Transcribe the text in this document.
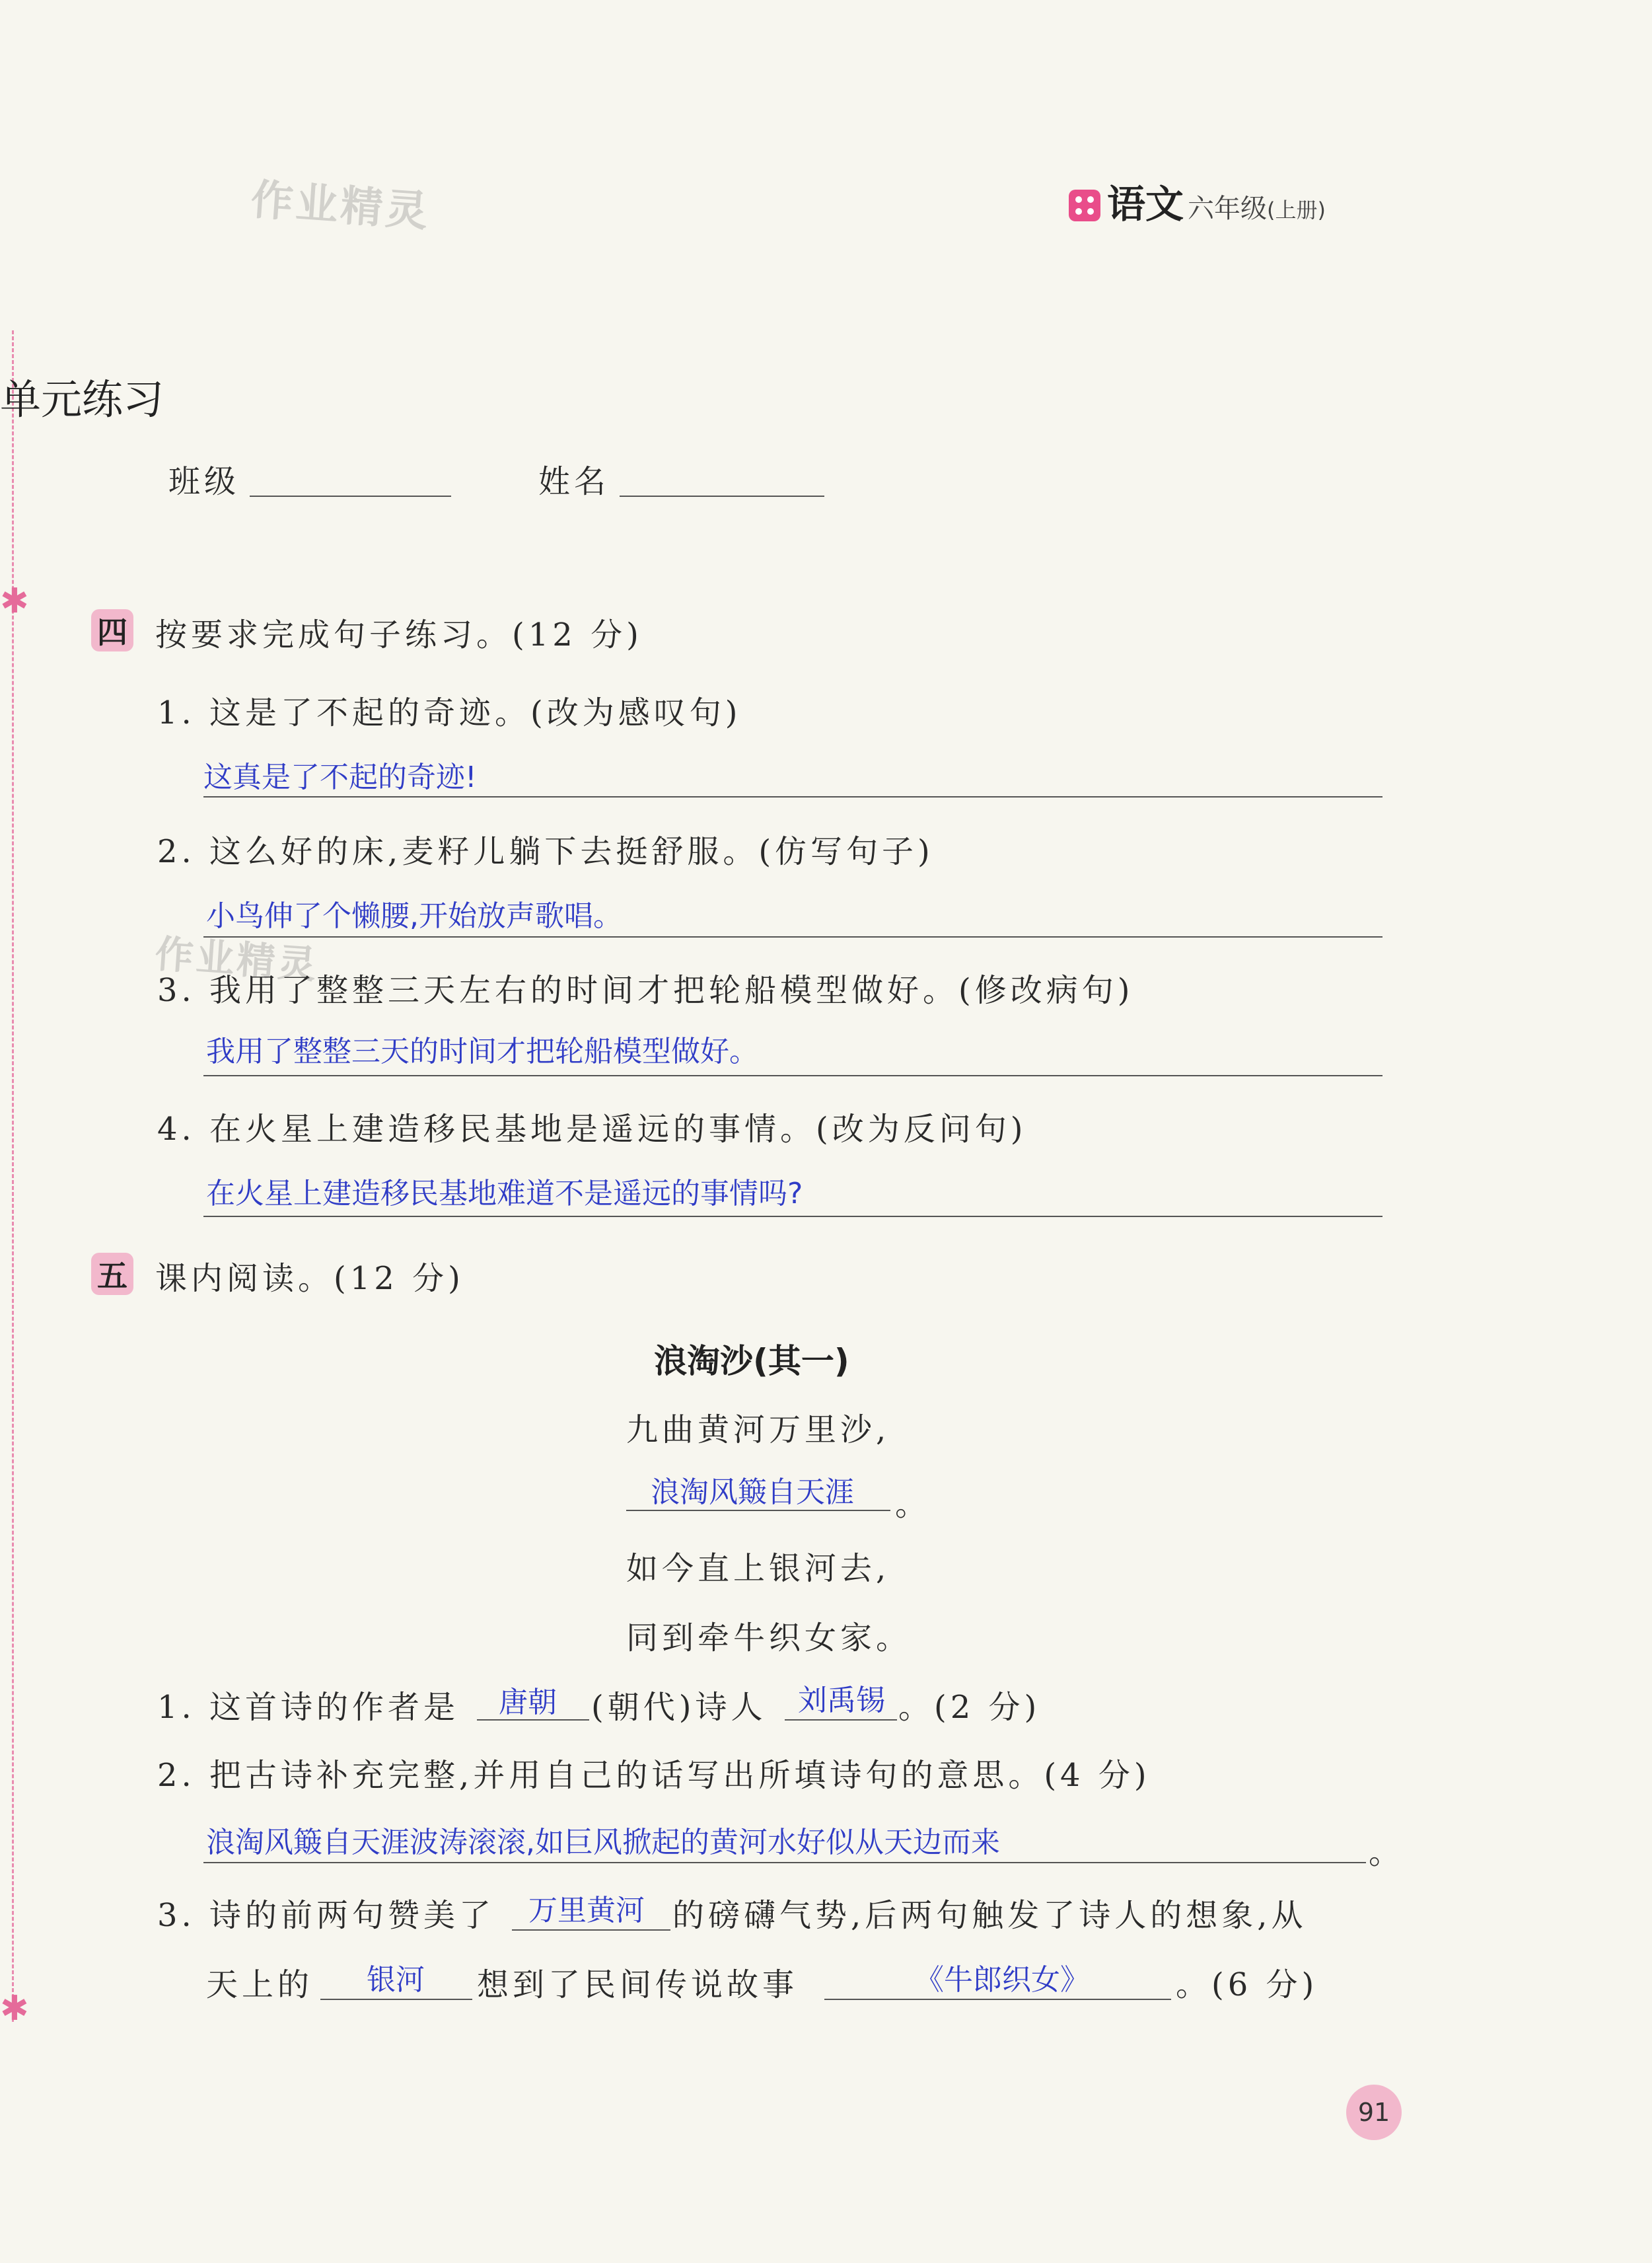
✱
✱
作业精灵
作业精灵
语文 六年级 (上册)
单元练习
班级	姓名
四 按要求完成句子练习。(12 分)
1. 这是了不起的奇迹。(改为感叹句)
这真是了不起的奇迹!
2. 这么好的床,麦籽儿躺下去挺舒服。(仿写句子)
小鸟伸了个懒腰,开始放声歌唱。
3. 我用了整整三天左右的时间才把轮船模型做好。(修改病句)
我用了整整三天的时间才把轮船模型做好。
4. 在火星上建造移民基地是遥远的事情。(改为反问句)
在火星上建造移民基地难道不是遥远的事情吗?
五 课内阅读。(12 分)
浪淘沙(其一)
九曲黄河万里沙,
浪淘风簸自天涯 。
如今直上银河去,
同到牵牛织女家。
1. 这首诗的作者是 唐朝 (朝代)诗人 刘禹锡 。(2 分)
2. 把古诗补充完整,并用自己的话写出所填诗句的意思。(4 分)
浪淘风簸自天涯波涛滚滚,如巨风掀起的黄河水好似从天边而来	。
3. 诗的前两句赞美了 万里黄河 的磅礴气势,后两句触发了诗人的想象,从
天上的 银河 想到了民间传说故事	《牛郎织女》	。(6 分)
91
